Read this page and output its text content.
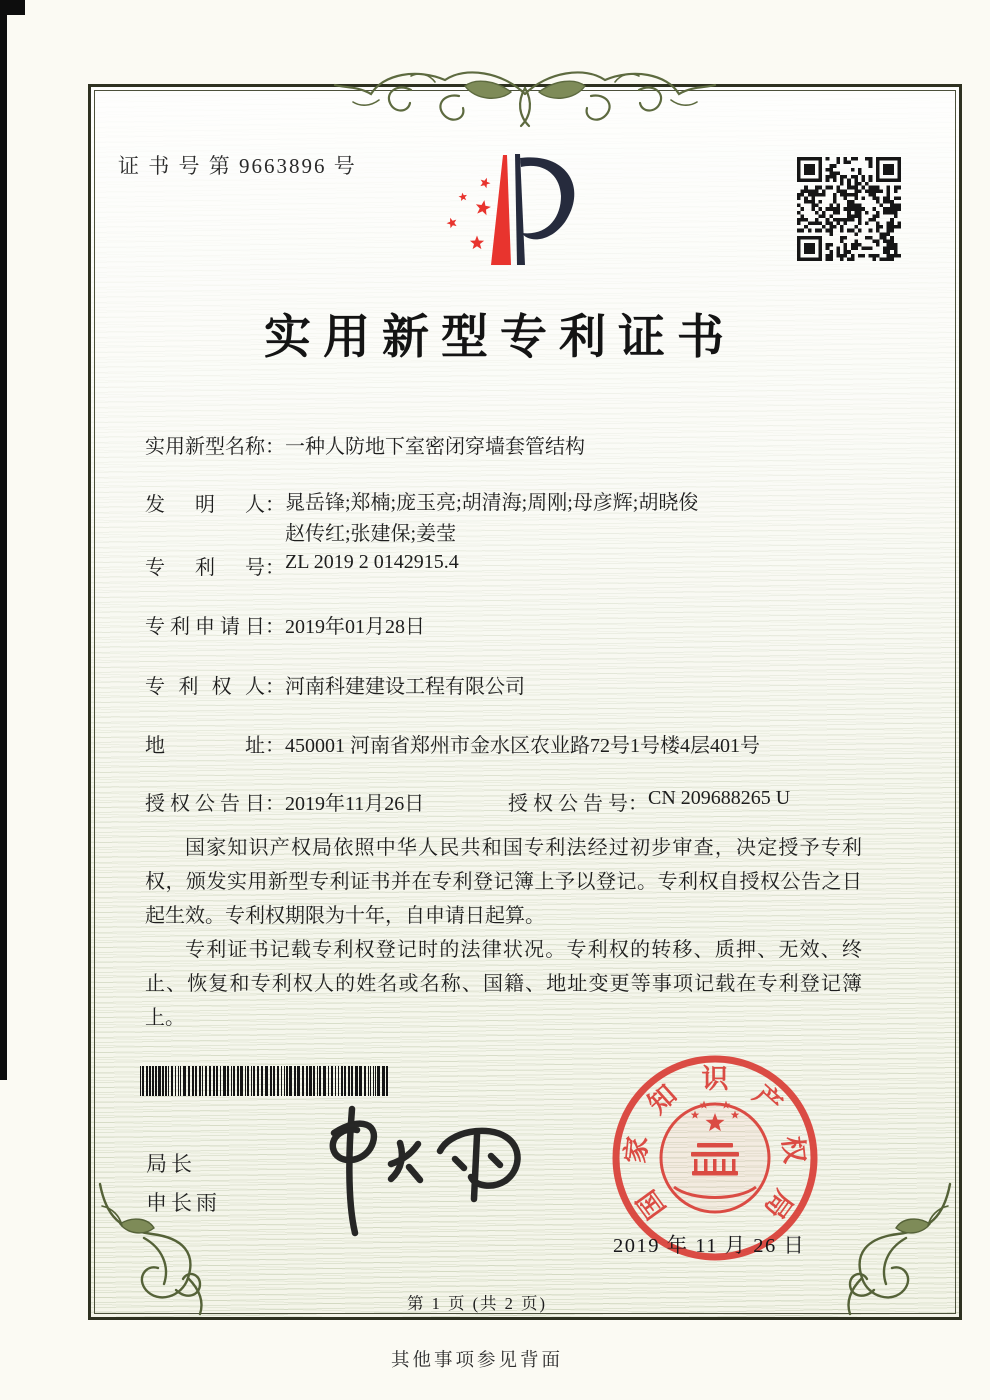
证 书 号 第 9663896 号
实用新型专利证书
实用新型名称：一种人防地下室密闭穿墙套管结构
发明人： 晁岳锋;郑楠;庞玉亮;胡清海;周刚;母彦辉;胡晓俊
赵传红;张建保;姜莹
专利号：ZL 2019 2 0142915.4
专利申请日：2019年01月28日
专利权人：河南科建建设工程有限公司
地址：450001 河南省郑州市金水区农业路72号1号楼4层401号
授权公告日：2019年11月26日	授权公告号：CN 209688265 U

国家知识产权局依照中华人民共和国专利法经过初步审查，决定授予专利权，颁发实用新型专利证书并在专利登记簿上予以登记。专利权自授权公告之日起生效。专利权期限为十年，自申请日起算。

专利证书记载专利权登记时的法律状况。专利权的转移、质押、无效、终止、恢复和专利权人的姓名或名称、国籍、地址变更等事项记载在专利登记簿上。

局长
申长雨	国
家
知
识
产
权
局
2019 年 11 月 26 日
第 1 页 (共 2 页)
其他事项参见背面
